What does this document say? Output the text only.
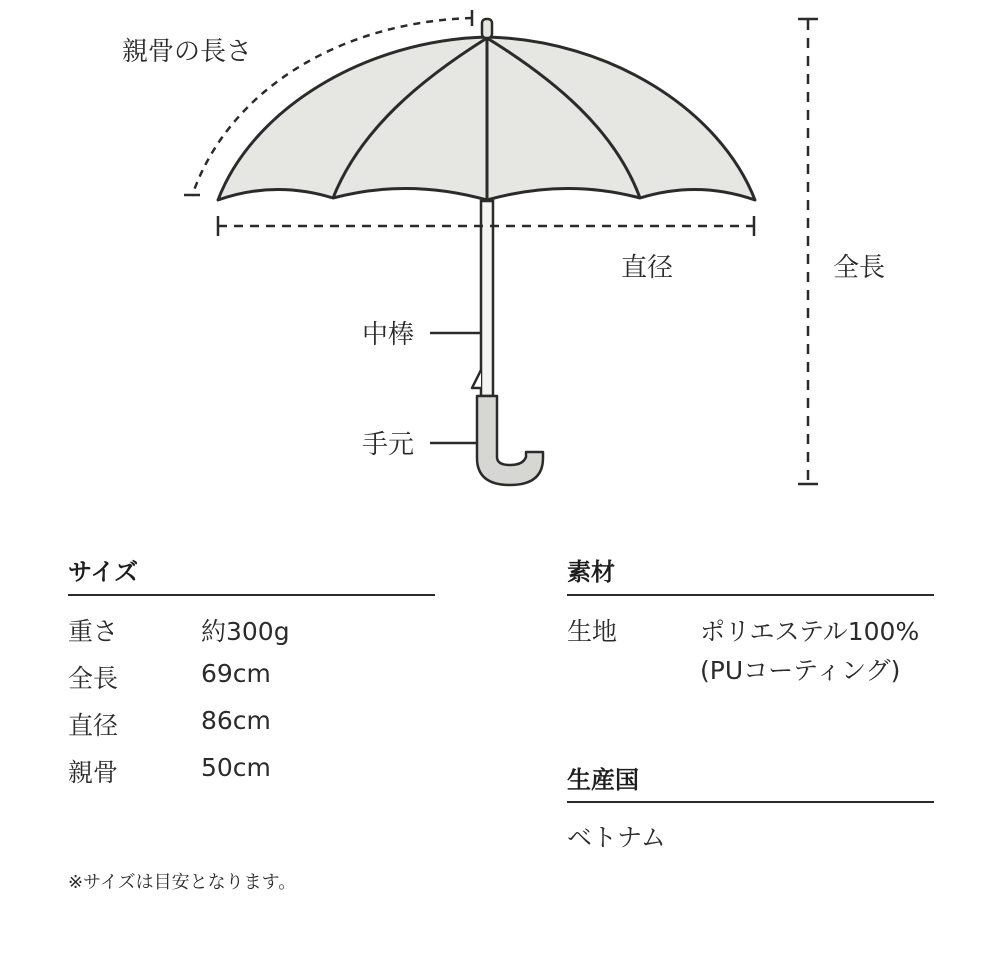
親骨の長さ
直径	全長
中棒
手元
サイズ
重さ	約300g
全長	69cm
直径	86cm
親骨	50cm
素材
生地	ポリエステル100%
(PUコーティング)
生産国
ベトナム
※サイズは目安となります。
